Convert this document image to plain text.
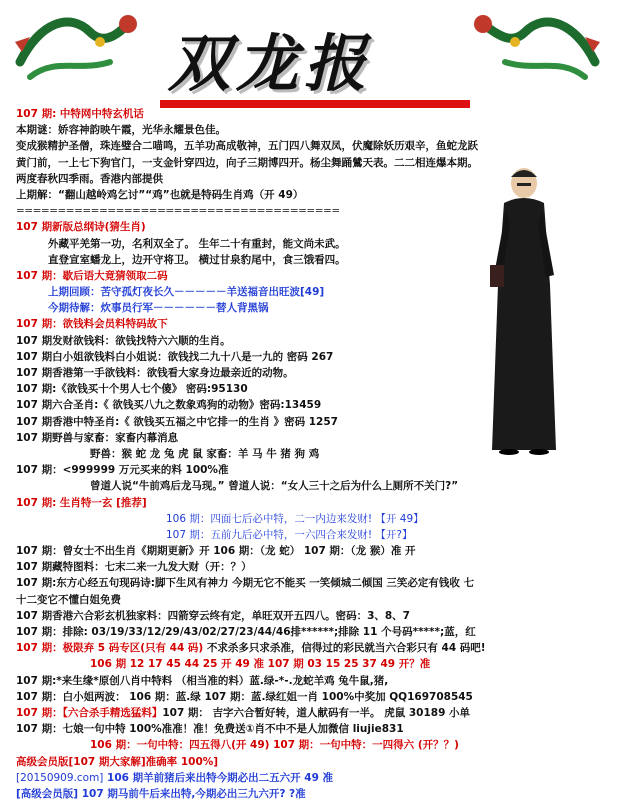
双龙报
107 期: 中特网中特玄机话
本期谜：娇容神韵映午霞，光华永耀景色佳。
变成猴精护圣僧，珠连璧合二喵鸣，五羊功高成敬神，五门四八舞双凤，伏魔除妖历艰辛，鱼蛇龙跃
黄门前，一上七下狗官门，一支金针穿四边，向子三期博四开。杨尘舞踊鷥天表。二二相连爆本期。
两度春秋四季雨。香港内部提供
上期解：“翻山越岭鸡乞讨”“鸡”也就是特码生肖鸡（开 49）
=======================================
107 期新版总纲诗(猜生肖)
外藏平羌第一功，名利双全了。 生年二十有重封，能文尚未武。
直登宣室蟠龙上，边开守将卫。 横过甘泉豹尾中，食三饿看四。
107 期：歇后语大竟猜领取二码
上期回顾：苦守孤灯夜长久－－－－－羊送福音出旺波[49]
今期待解：炊事员行军－－－－－－替人背黑锅
107 期：欲钱料会员料特码故下
107 期发财欲钱料：欲钱找特六六顺的生肖。
107 期白小姐欲钱料白小姐说：欲钱找二九十八是一九的 密码 267
107 期香港第一手欲钱料：欲钱看大家身边最亲近的动物。
107 期:《欲钱买十个男人七个傻》 密码:95130
107 期六合圣肖:《 欲钱买八九之数象鸡狗的动物》密码:13459
107 期香港中特圣肖:《 欲钱买五福之中它排一的生肖 》密码 1257
107 期野兽与家畜：家畜内幕消息
野兽：猴 蛇 龙 兔 虎 鼠 家畜：羊 马 牛 猪 狗 鸡
107 期：<999999 万元买来的料 100%准
曾道人说“牛前鸡后龙马现。” 曾道人说：“女人三十之后为什么上厕所不关门?”
107 期: 生肖特一玄 [推荐]
106 期：四面七后必中特，二一内边来发财! 【开 49】
107 期：五前九后必中特，一六四合来发财! 【开?】
107 期：曾女士不出生肖《期期更新》开 106 期：（龙 蛇） 107 期：（龙 猴）准 开
107 期藏特图料：七末二来一九发大财（开：？）
107 期:东方心经五句现码诗:脚下生风有神力 今期无它不能买 一笑倾城二倾国 三笑必定有钱收 七
十二变它不懂白姐免费
107 期香港六合彩玄机独家料：四箭穿云终有定，单旺双开五四八。密码：3、8、7
107 期：排除: 03/19/33/12/29/43/02/27/23/44/46排******;排除 11 个号码*****;蓝，红
107 期：极限弃 5 码专区(只有 44 码) 不求杀多只求杀准，信得过的彩民就当六合彩只有 44 码吧!
106 期 12 17 45 44 25 开 49 准 107 期 03 15 25 37 49 开？准
107 期:*来生缘*原创八肖中特料 （相当准的料）蓝.绿-*-.龙蛇羊鸡 兔牛鼠,猪,
107 期：白小姐两波： 106 期：蓝.绿 107 期：蓝.绿红姐一肖 100%中奖加 QQ169708545
107 期：【六合杀手精选猛料】107 期： 吉字六合暂好转，道人献码有一半。 虎鼠 30189 小单
107 期：七娘一句中特 100%准准！准！免费送①肖不中不是人加微信 liujie831
106 期：一句中特：四五得八(开 49) 107 期：一句中特：一四得六 (开？？)
高级会员版[107 期大家解]准确率 100%]
[20150909.com] 106 期羊前猪后来出特今期必出二五六开 49 准
[高级会员版] 107 期马前牛后来出特,今期必出三九六开? ?准
